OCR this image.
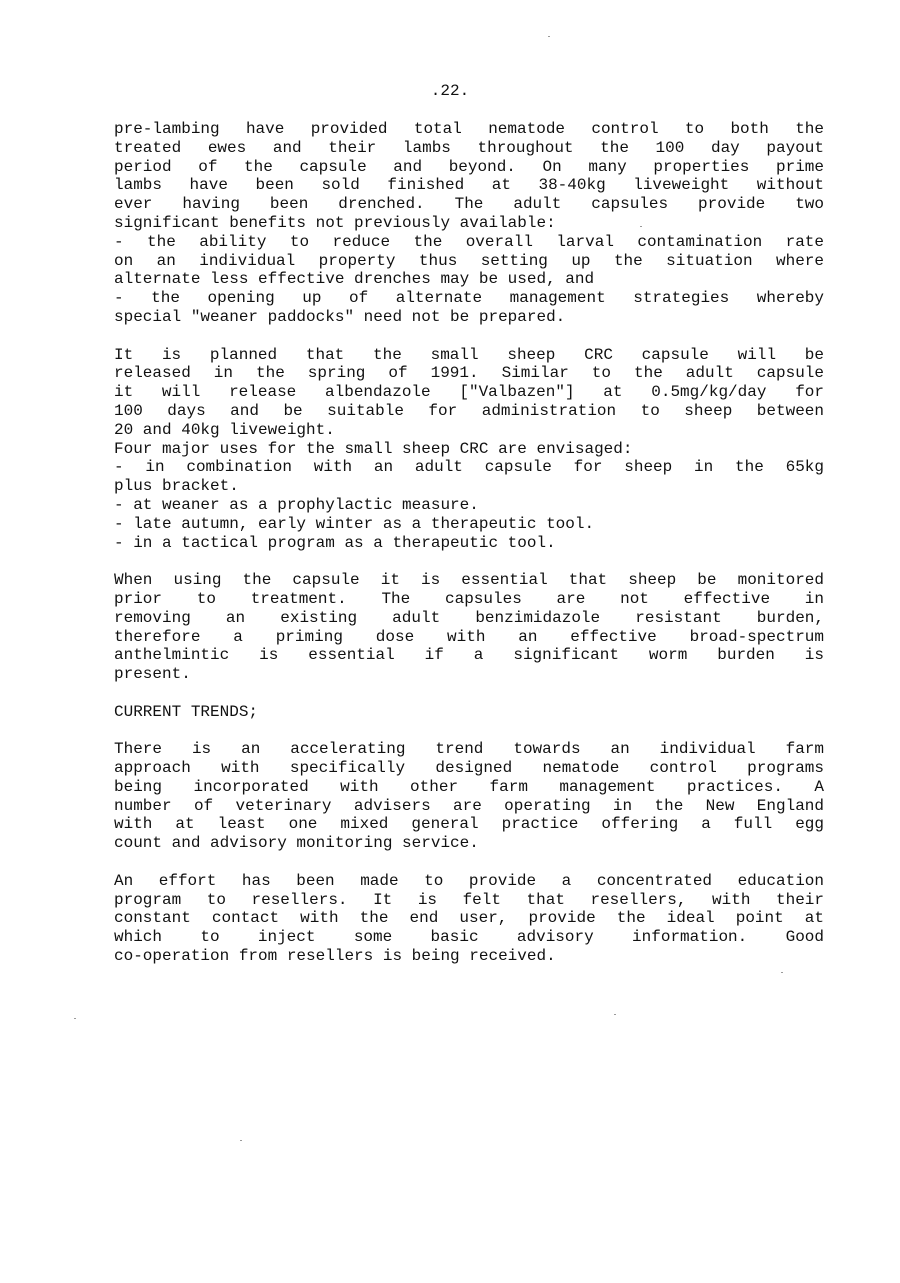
.22.
pre-lambing have provided total nematode control to both the
treated ewes and their lambs throughout the 100 day payout
period of the capsule and beyond. On many properties prime
lambs have been sold finished at 38-40kg liveweight without
ever having been drenched. The adult capsules provide two
significant benefits not previously available:
- the ability to reduce the overall larval contamination rate
on an individual property thus setting up the situation where
alternate less effective drenches may be used, and
- the opening up of alternate management strategies whereby
special "weaner paddocks" need not be prepared.
It is planned that the small sheep CRC capsule will be
released in the spring of 1991. Similar to the adult capsule
it will release albendazole ["Valbazen"] at 0.5mg/kg/day for
100 days and be suitable for administration to sheep between
20 and 40kg liveweight.
Four major uses for the small sheep CRC are envisaged:
- in combination with an adult capsule for sheep in the 65kg
plus bracket.
- at weaner as a prophylactic measure.
- late autumn, early winter as a therapeutic tool.
- in a tactical program as a therapeutic tool.
When using the capsule it is essential that sheep be monitored
prior to treatment. The capsules are not effective in
removing an existing adult benzimidazole resistant burden,
therefore a priming dose with an effective broad-spectrum
anthelmintic is essential if a significant worm burden is
present.
CURRENT TRENDS;
There is an accelerating trend towards an individual farm
approach with specifically designed nematode control programs
being incorporated with other farm management practices. A
number of veterinary advisers are operating in the New England
with at least one mixed general practice offering a full egg
count and advisory monitoring service.
An effort has been made to provide a concentrated education
program to resellers. It is felt that resellers, with their
constant contact with the end user, provide the ideal point at
which to inject some basic advisory information. Good
co-operation from resellers is being received.
